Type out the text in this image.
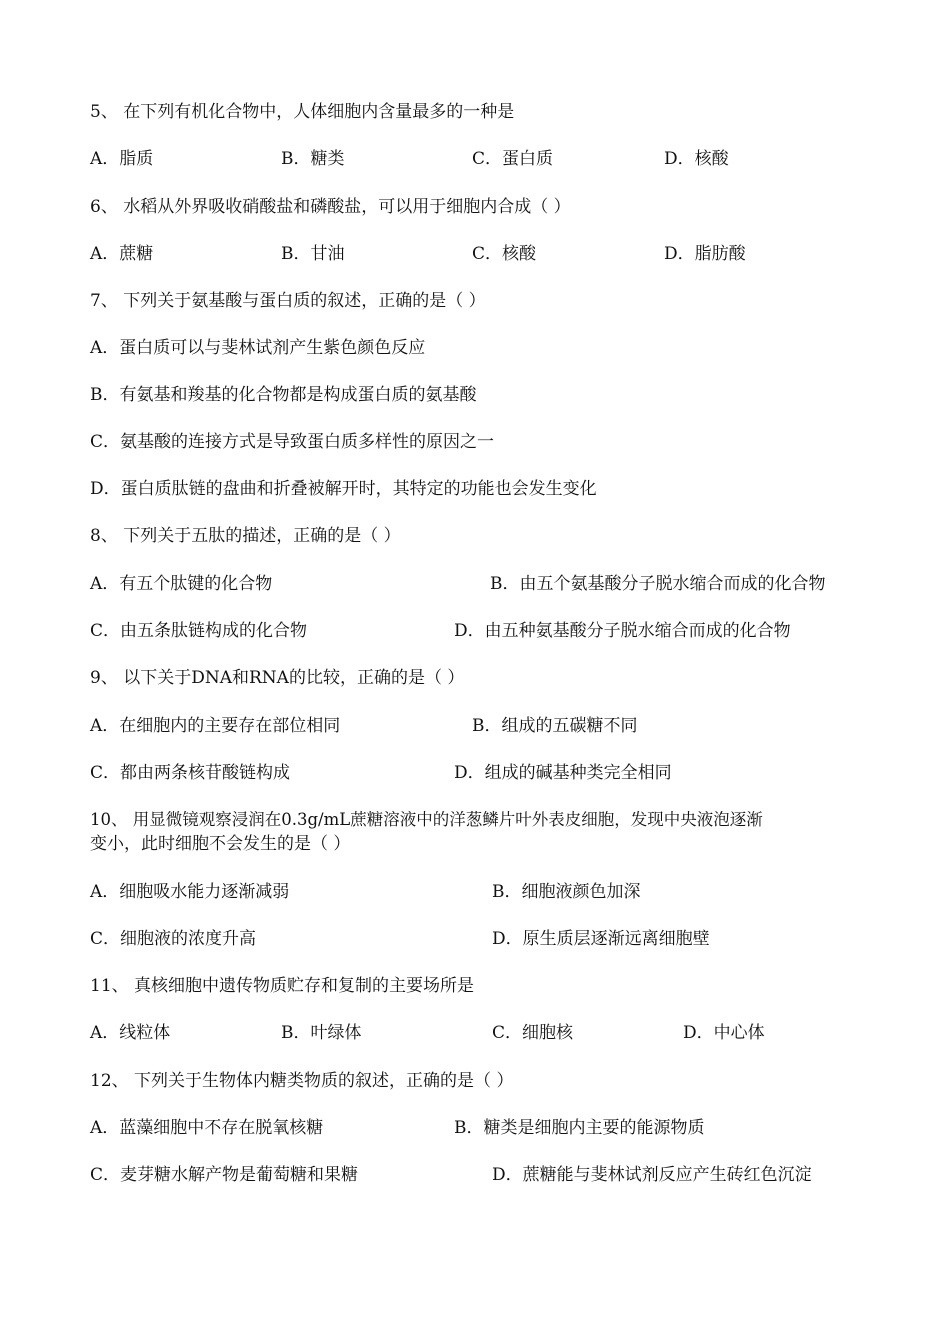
5、 在下列有机化合物中，人体细胞内含量最多的一种是
A．脂质	B．糖类	C．蛋白质	D．核酸
6、 水稻从外界吸收硝酸盐和磷酸盐，可以用于细胞内合成（ ）
A．蔗糖	B．甘油	C．核酸	D．脂肪酸
7、 下列关于氨基酸与蛋白质的叙述，正确的是（ ）
A．蛋白质可以与斐林试剂产生紫色颜色反应
B．有氨基和羧基的化合物都是构成蛋白质的氨基酸
C．氨基酸的连接方式是导致蛋白质多样性的原因之一
D．蛋白质肽链的盘曲和折叠被解开时，其特定的功能也会发生变化
8、 下列关于五肽的描述，正确的是（ ）
A．有五个肽键的化合物	B．由五个氨基酸分子脱水缩合而成的化合物
C．由五条肽链构成的化合物	D．由五种氨基酸分子脱水缩合而成的化合物
9、 以下关于DNA和RNA的比较，正确的是（ ）
A．在细胞内的主要存在部位相同	B．组成的五碳糖不同
C．都由两条核苷酸链构成	D．组成的碱基种类完全相同
10、 用显微镜观察浸润在0.3g/mL蔗糖溶液中的洋葱鳞片叶外表皮细胞，发现中央液泡逐渐
变小，此时细胞不会发生的是（ ）
A．细胞吸水能力逐渐减弱	B．细胞液颜色加深
C．细胞液的浓度升高	D．原生质层逐渐远离细胞壁
11、 真核细胞中遗传物质贮存和复制的主要场所是
A．线粒体	B．叶绿体	C．细胞核	D．中心体
12、 下列关于生物体内糖类物质的叙述，正确的是（ ）
A．蓝藻细胞中不存在脱氧核糖	B．糖类是细胞内主要的能源物质
C．麦芽糖水解产物是葡萄糖和果糖	D．蔗糖能与斐林试剂反应产生砖红色沉淀
